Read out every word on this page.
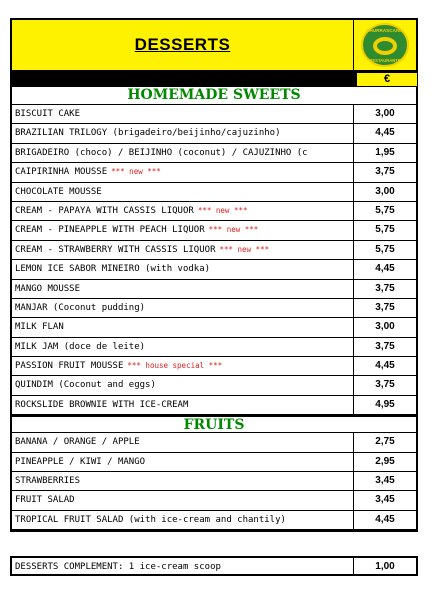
DESSERTS
CHURRASCARIA
RESTAURANTE
€
HOMEMADE SWEETS
BISCUIT CAKE	3,00
BRAZILIAN TRILOGY (brigadeiro/beijinho/cajuzinho)	4,45
BRIGADEIRO (choco) / BEIJINHO (coconut) / CAJUZINHO (c	1,95
CAIPIRINHA MOUSSE *** new ***	3,75
CHOCOLATE MOUSSE	3,00
CREAM - PAPAYA WITH CASSIS LIQUOR *** new ***	5,75
CREAM - PINEAPPLE WITH PEACH LIQUOR *** new ***	5,75
CREAM - STRAWBERRY WITH CASSIS LIQUOR *** new ***	5,75
LEMON ICE SABOR MINEIRO (with vodka)	4,45
MANGO MOUSSE	3,75
MANJAR (Coconut pudding)	3,75
MILK FLAN	3,00
MILK JAM (doce de leite)	3,75
PASSION FRUIT MOUSSE *** house special ***	4,45
QUINDIM (Coconut and eggs)	3,75
ROCKSLIDE BROWNIE WITH ICE-CREAM	4,95
FRUITS
BANANA / ORANGE / APPLE	2,75
PINEAPPLE / KIWI / MANGO	2,95
STRAWBERRIES	3,45
FRUIT SALAD	3,45
TROPICAL FRUIT SALAD (with ice-cream and chantily)	4,45
DESSERTS COMPLEMENT: 1 ice-cream scoop	1,00
